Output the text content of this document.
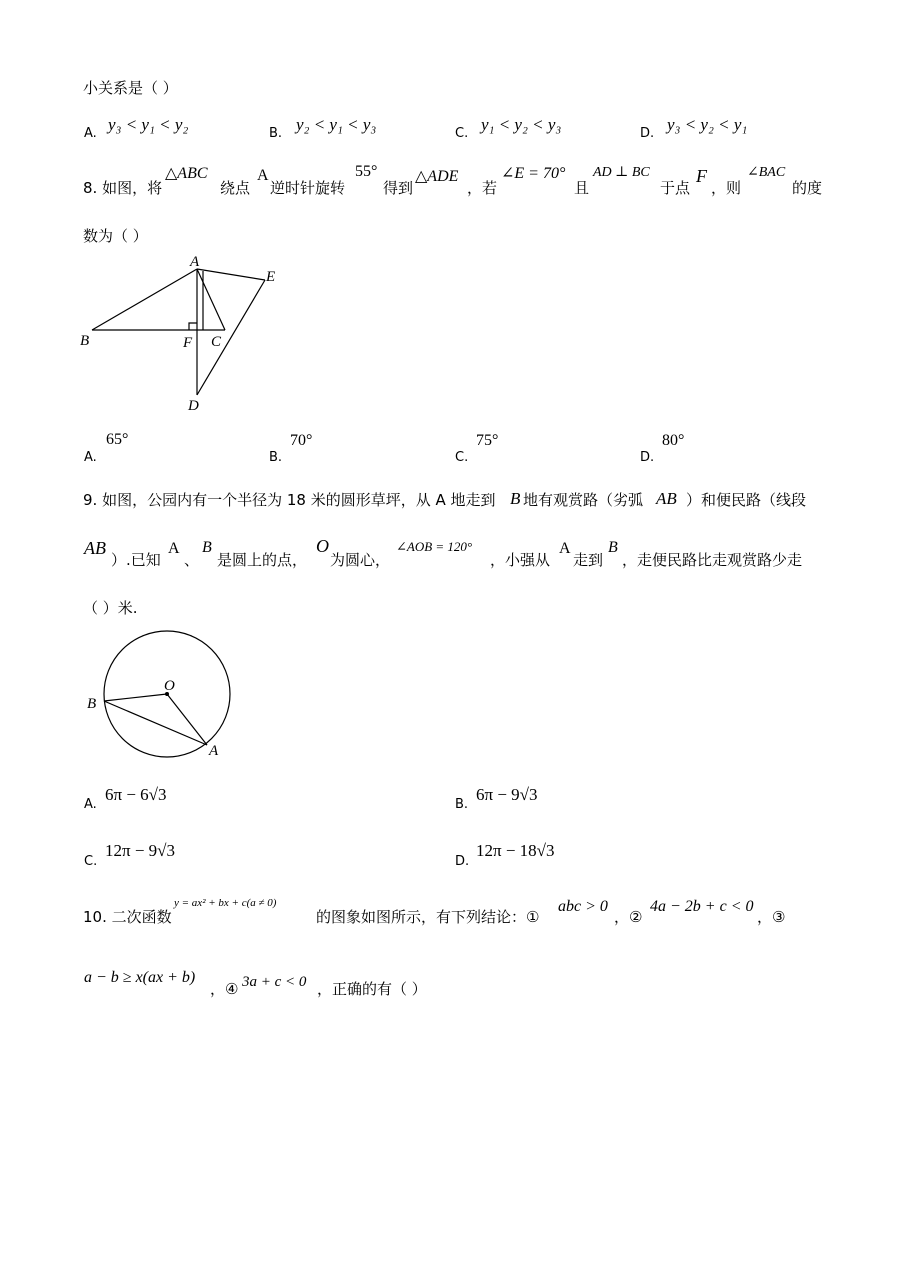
小关系是（ ）
A. y₃ < y₁ < y₂	B. y₂ < y₁ < y₃	C. y₁ < y₂ < y₃	D. y₃ < y₂ < y₁
8. 如图，将
△ABC
绕点
A
逆时针旋转
55°
得到
△ADE
，若
∠E = 70°
且
AD ⊥ BC
于点
F
，则
∠BAC
的度
数为（ ）
A
B	C
D
E
F
A.
65°
B.
70°
C.
75°
D.
80°
9. 如图，公园内有一个半径为 18 米的圆形草坪，从 A 地走到 B 地有观赏路（劣弧 AB ）和便民路（线段
AB
）.已知
A
、
B
是圆上的点，
O
为圆心，
∠AOB = 120°
，小强从
A
走到
B
，走便民路比走观赏路少走
（ ）米.
O
A
B
A.
6π − 6√3
B.
6π − 9√3
C.
12π − 9√3
D.
12π − 18√3
10. 二次函数
y = ax² + bx + c(a ≠ 0)
的图象如图所示，有下列结论：①
abc > 0
，②
4a − 2b + c < 0
，③
a − b ≥ x(ax + b)
，④ 3a + c < 0 ，正确的有（ ）
